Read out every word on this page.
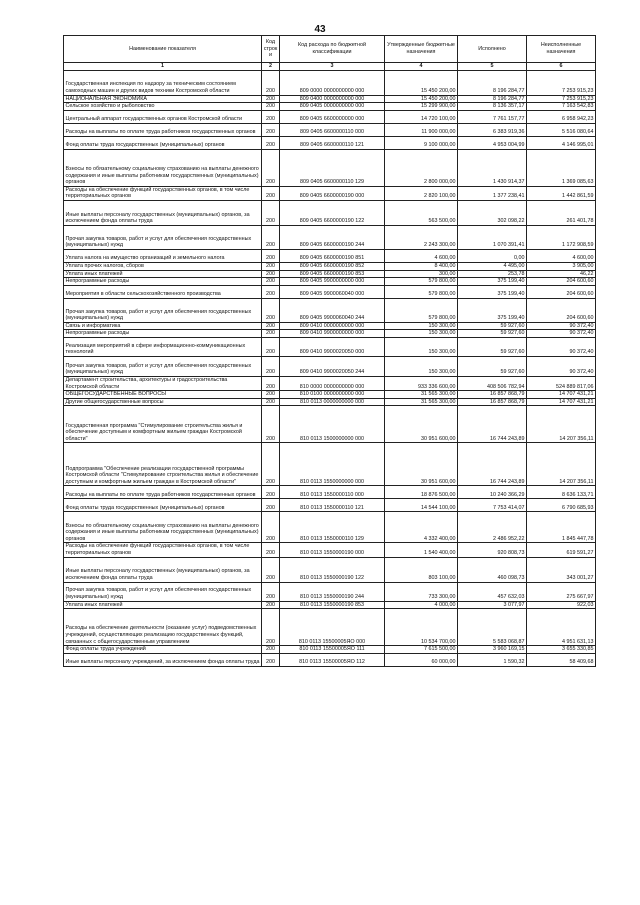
43
Наименование показателя	Код строки	Код расхода по бюджетной классификации	Утвержденные бюджетные назначения	Исполнено	Неисполненные назначения
1	2	3	4	5	6
Государственная инспекция по надзору за техническим состоянием самоходных машин и других видов техники Костромской области	200	809 0000 0000000000 000	15 450 200,00	8 196 284,77	7 253 915,23
НАЦИОНАЛЬНАЯ ЭКОНОМИКА	200	809 0400 0000000000 000	15 450 200,00	8 196 284,77	7 253 915,23
Сельское хозяйство и рыболовство	200	809 0405 0000000000 000	15 299 900,00	8 136 357,17	7 163 542,83
Центральный аппарат государственных органов Костромской области	200	809 0405 6600000000 000	14 720 100,00	7 761 157,77	6 958 942,23
Расходы на выплаты по оплате труда работников государственных органов	200	809 0405 6600000110 000	11 900 000,00	6 383 919,36	5 516 080,64
Фонд оплаты труда государственных (муниципальных) органов	200	809 0405 6600000110 121	9 100 000,00	4 953 004,99	4 146 995,01
Взносы по обязательному социальному страхованию на выплаты денежного содержания и иные выплаты работникам государственных (муниципальных) органов	200	809 0405 6600000110 129	2 800 000,00	1 430 914,37	1 369 085,63
Расходы на обеспечение функций государственных органов, в том числе территориальных органов	200	809 0405 6600000190 000	2 820 100,00	1 377 238,41	1 442 861,59
Иные выплаты персоналу государственных (муниципальных) органов, за исключением фонда оплаты труда	200	809 0405 6600000190 122	563 500,00	302 098,22	261 401,78
Прочая закупка товаров, работ и услуг для обеспечения государственных (муниципальных) нужд	200	809 0405 6600000190 244	2 243 300,00	1 070 391,41	1 172 908,59
Уплата налога на имущество организаций и земельного налога	200	809 0405 6600000190 851	4 600,00	0,00	4 600,00
Уплата прочих налогов, сборов	200	809 0405 6600000190 852	8 400,00	4 495,00	3 905,00
Уплата иных платежей	200	809 0405 6600000190 853	300,00	253,78	46,22
Непрограммные расходы	200	809 0405 9900000000 000	579 800,00	375 199,40	204 600,60
Мероприятия в области сельскохозяйственного производства	200	809 0405 9900060040 000	579 800,00	375 199,40	204 600,60
Прочая закупка товаров, работ и услуг для обеспечения государственных (муниципальных) нужд	200	809 0405 9900060040 244	579 800,00	375 199,40	204 600,60
Связь и информатика	200	809 0410 0000000000 000	150 300,00	59 927,60	90 372,40
Непрограммные расходы	200	809 0410 9900000000 000	150 300,00	59 927,60	90 372,40
Реализация мероприятий в сфере информационно-коммуникационных технологий	200	809 0410 9900020050 000	150 300,00	59 927,60	90 372,40
Прочая закупка товаров, работ и услуг для обеспечения государственных (муниципальных) нужд	200	809 0410 9900020050 244	150 300,00	59 927,60	90 372,40
Департамент строительства, архитектуры и градостроительства Костромской области	200	810 0000 0000000000 000	933 336 600,00	408 506 782,94	524 889 817,06
ОБЩЕГОСУДАРСТВЕННЫЕ ВОПРОСЫ	200	810 0100 0000000000 000	31 565 300,00	16 857 868,79	14 707 431,21
Другие общегосударственные вопросы	200	810 0113 0000000000 000	31 565 300,00	16 857 868,79	14 707 431,21
Государственная программа "Стимулирование строительства жилья и обеспечение доступным и комфортным жильем граждан Костромской области"	200	810 0113 1500000000 000	30 951 600,00	16 744 243,89	14 207 356,11
Подпрограмма "Обеспечение реализации государственной программы Костромской области "Стимулирование строительства жилья и обеспечение доступным и комфортным жильем граждан в Костромской области"	200	810 0113 1550000000 000	30 951 600,00	16 744 243,89	14 207 356,11
Расходы на выплаты по оплате труда работников государственных органов	200	810 0113 1550000110 000	18 876 500,00	10 240 366,29	8 636 133,71
Фонд оплаты труда государственных (муниципальных) органов	200	810 0113 1550000110 121	14 544 100,00	7 753 414,07	6 790 685,93
Взносы по обязательному социальному страхованию на выплаты денежного содержания и иные выплаты работникам государственных (муниципальных) органов	200	810 0113 1550000110 129	4 332 400,00	2 486 952,22	1 845 447,78
Расходы на обеспечение функций государственных органов, в том числе территориальных органов	200	810 0113 1550000190 000	1 540 400,00	920 808,73	619 591,27
Иные выплаты персоналу государственных (муниципальных) органов, за исключением фонда оплаты труда	200	810 0113 1550000190 122	803 100,00	460 098,73	343 001,27
Прочая закупка товаров, работ и услуг для обеспечения государственных (муниципальных) нужд	200	810 0113 1550000190 244	733 300,00	457 632,03	275 667,97
Уплата иных платежей	200	810 0113 1550000190 853	4 000,00	3 077,97	922,03
Расходы на обеспечение деятельности (оказание услуг) подведомственных учреждений, осуществляющих реализацию государственных функций, связанных с общегосударственным управлением	200	810 0113 15500005ЯО 000	10 534 700,00	5 583 068,87	4 951 631,13
Фонд оплаты труда учреждений	200	810 0113 15500005ЯО 111	7 615 500,00	3 960 169,15	3 655 330,85
Иные выплаты персоналу учреждений, за исключением фонда оплаты труда	200	810 0113 15500005ЯО 112	60 000,00	1 590,32	58 409,68
